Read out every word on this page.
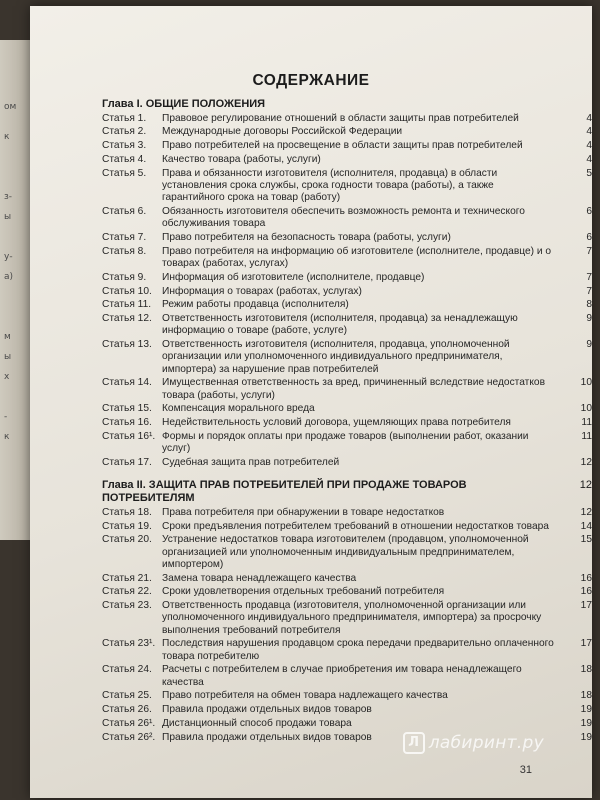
ом
к
з-
ы
у-
а)
м
ы
х
-
к
СОДЕРЖАНИЕ
Глава I. ОБЩИЕ ПОЛОЖЕНИЯ
Статья 1.	Правовое регулирование отношений в области защиты прав потребителей	4
Статья 2.	Международные договоры Российской Федерации	4
Статья 3.	Право потребителей на просвещение в области защиты прав потребителей	4
Статья 4.	Качество товара (работы, услуги)	4
Статья 5.	Права и обязанности изготовителя (исполнителя, продавца) в области установления срока службы, срока годности товара (работы), а также гарантийного срока на товар (работу)
5
Статья 6.	Обязанность изготовителя обеспечить возможность ремонта и технического обслуживания товара
6
Статья 7.	Право потребителя на безопасность товара (работы, услуги)	6
Статья 8.	Право потребителя на информацию об изготовителе (исполнителе, продавце) и о товарах (работах, услугах)
7
Статья 9.	Информация об изготовителе (исполнителе, продавце)	7
Статья 10. Информация о товарах (работах, услугах)	7
Статья 11.	Режим работы продавца (исполнителя)	8
Статья 12. Ответственность изготовителя (исполнителя, продавца) за ненадлежащую информацию о товаре (работе, услуге)
9
Статья 13. Ответственность изготовителя (исполнителя, продавца, уполномоченной организации или уполномоченного индивидуального предпринимателя, импортера) за нарушение прав потребителей
9
Статья 14. Имущественная ответственность за вред, причиненный вследствие недостатков товара (работы, услуги)
10
Статья 15. Компенсация морального вреда	10
Статья 16. Недействительность условий договора, ущемляющих права потребителя	11
Статья 16¹. Формы и порядок оплаты при продаже товаров (выполнении работ, оказании услуг)
11
Статья 17. Судебная защита прав потребителей	12
Глава II. ЗАЩИТА ПРАВ ПОТРЕБИТЕЛЕЙ ПРИ ПРОДАЖЕ ТОВАРОВ ПОТРЕБИТЕЛЯМ
12
Статья 18. Права потребителя при обнаружении в товаре недостатков	12
Статья 19. Сроки предъявления потребителем требований в отношении недостатков товара	14
Статья 20. Устранение недостатков товара изготовителем (продавцом, уполномоченной организацией или уполномоченным индивидуальным предпринимателем, импортером)
15
Статья 21. Замена товара ненадлежащего качества	16
Статья 22. Сроки удовлетворения отдельных требований потребителя	16
Статья 23. Ответственность продавца (изготовителя, уполномоченной организации или уполномоченного индивидуального предпринимателя, импортера) за просрочку выполнения требований потребителя
17
Статья 23¹. Последствия нарушения продавцом срока передачи предварительно оплаченного товара потребителю
17
Статья 24. Расчеты с потребителем в случае приобретения им товара ненадлежащего качества
18
Статья 25. Право потребителя на обмен товара надлежащего качества	18
Статья 26. Правила продажи отдельных видов товаров	19
Статья 26¹. Дистанционный способ продажи товара	19
Статья 26². Правила продажи отдельных видов товаров	19
Л лабиринт.ру
31
